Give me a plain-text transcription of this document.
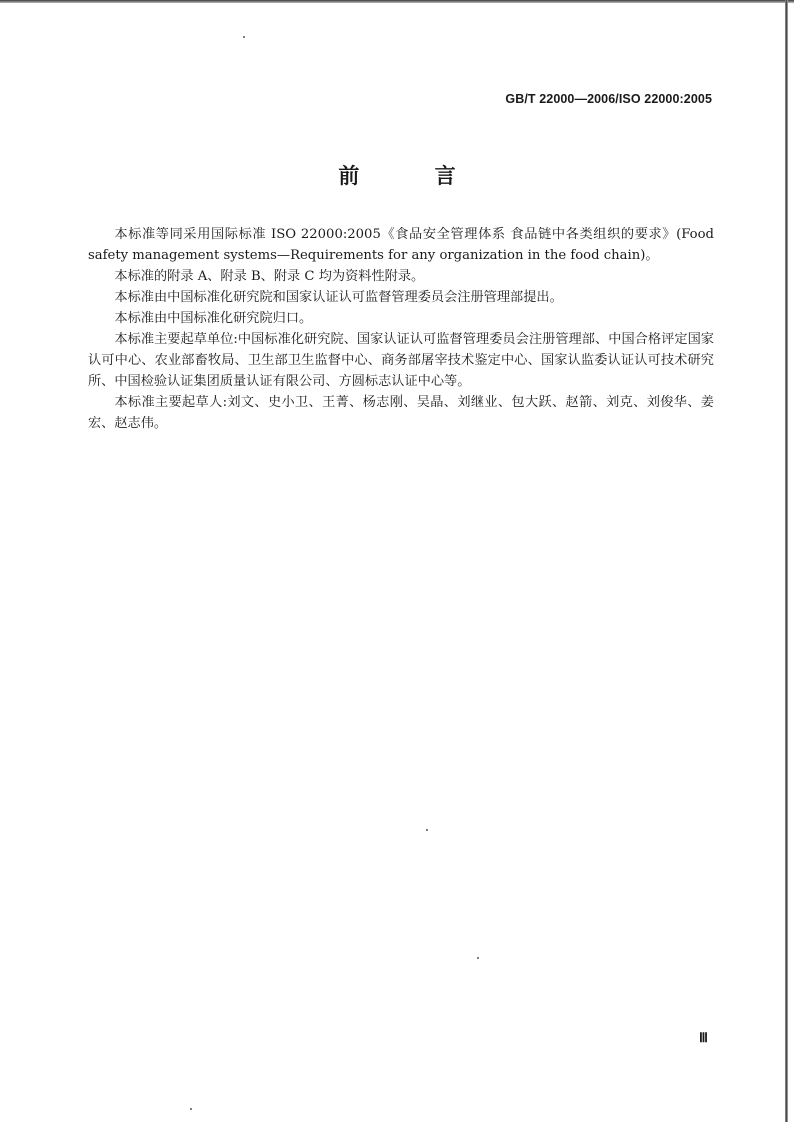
GB/T 22000—2006/ISO 22000:2005
前 言

本标准等同采用国际标准 ISO 22000:2005《食品安全管理体系 食品链中各类组织的要求》(Food safety management systems—Requirements for any organization in the food chain)。

本标准的附录 A、附录 B、附录 C 均为资料性附录。

本标准由中国标准化研究院和国家认证认可监督管理委员会注册管理部提出。

本标准由中国标准化研究院归口。

本标准主要起草单位:中国标准化研究院、国家认证认可监督管理委员会注册管理部、中国合格评定国家认可中心、农业部畜牧局、卫生部卫生监督中心、商务部屠宰技术鉴定中心、国家认监委认证认可技术研究所、中国检验认证集团质量认证有限公司、方圆标志认证中心等。

本标准主要起草人:刘文、史小卫、王菁、杨志刚、吴晶、刘继业、包大跃、赵箭、刘克、刘俊华、姜宏、赵志伟。

Ⅲ
